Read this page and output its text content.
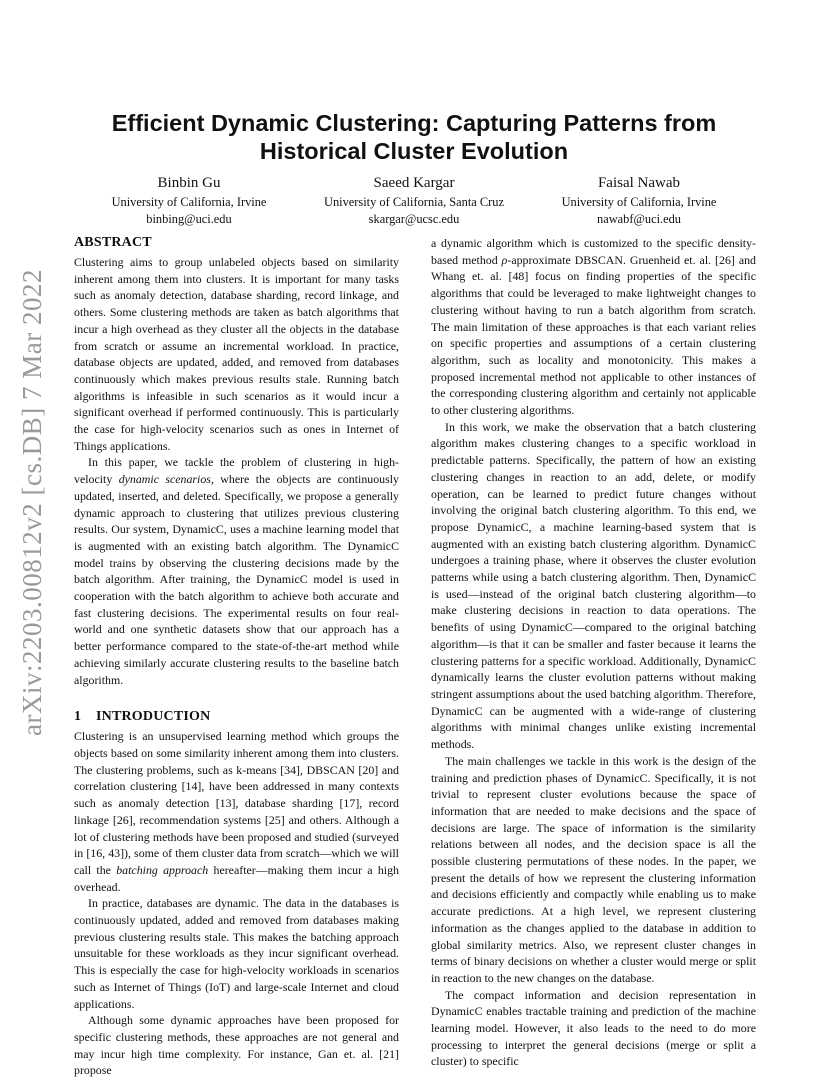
arXiv:2203.00812v2 [cs.DB] 7 Mar 2022
Efficient Dynamic Clustering: Capturing Patterns from Historical Cluster Evolution
Binbin Gu
University of California, Irvine
binbing@uci.edu
Saeed Kargar
University of California, Santa Cruz
skargar@ucsc.edu
Faisal Nawab
University of California, Irvine
nawabf@uci.edu
ABSTRACT

Clustering aims to group unlabeled objects based on similarity inherent among them into clusters. It is important for many tasks such as anomaly detection, database sharding, record linkage, and others. Some clustering methods are taken as batch algorithms that incur a high overhead as they cluster all the objects in the database from scratch or assume an incremental workload. In practice, database objects are updated, added, and removed from databases continuously which makes previous results stale. Running batch algorithms is infeasible in such scenarios as it would incur a significant overhead if performed continuously. This is particularly the case for high-velocity scenarios such as ones in Internet of Things applications.

In this paper, we tackle the problem of clustering in high-velocity dynamic scenarios, where the objects are continuously updated, inserted, and deleted. Specifically, we propose a generally dynamic approach to clustering that utilizes previous clustering results. Our system, DynamicC, uses a machine learning model that is augmented with an existing batch algorithm. The DynamicC model trains by observing the clustering decisions made by the batch algorithm. After training, the DynamicC model is used in cooperation with the batch algorithm to achieve both accurate and fast clustering decisions. The experimental results on four real-world and one synthetic datasets show that our approach has a better performance compared to the state-of-the-art method while achieving similarly accurate clustering results to the baseline batch algorithm.

1 INTRODUCTION

Clustering is an unsupervised learning method which groups the objects based on some similarity inherent among them into clusters. The clustering problems, such as k-means [34], DBSCAN [20] and correlation clustering [14], have been addressed in many contexts such as anomaly detection [13], database sharding [17], record linkage [26], recommendation systems [25] and others. Although a lot of clustering methods have been proposed and studied (surveyed in [16, 43]), some of them cluster data from scratch—which we will call the batching approach hereafter—making them incur a high overhead.

In practice, databases are dynamic. The data in the databases is continuously updated, added and removed from databases making previous clustering results stale. This makes the batching approach unsuitable for these workloads as they incur significant overhead. This is especially the case for high-velocity workloads in scenarios such as Internet of Things (IoT) and large-scale Internet and cloud applications.

Although some dynamic approaches have been proposed for specific clustering methods, these approaches are not general and may incur high time complexity. For instance, Gan et. al. [21] propose

a dynamic algorithm which is customized to the specific density-based method ρ-approximate DBSCAN. Gruenheid et. al. [26] and Whang et. al. [48] focus on finding properties of the specific algorithms that could be leveraged to make lightweight changes to clustering without having to run a batch algorithm from scratch. The main limitation of these approaches is that each variant relies on specific properties and assumptions of a certain clustering algorithm, such as locality and monotonicity. This makes a proposed incremental method not applicable to other instances of the corresponding clustering algorithm and certainly not applicable to other clustering algorithms.

In this work, we make the observation that a batch clustering algorithm makes clustering changes to a specific workload in predictable patterns. Specifically, the pattern of how an existing clustering changes in reaction to an add, delete, or modify operation, can be learned to predict future changes without involving the original batch clustering algorithm. To this end, we propose DynamicC, a machine learning-based system that is augmented with an existing batch clustering algorithm. DynamicC undergoes a training phase, where it observes the cluster evolution patterns while using a batch clustering algorithm. Then, DynamicC is used—instead of the original batch clustering algorithm—to make clustering decisions in reaction to data operations. The benefits of using DynamicC—compared to the original batching algorithm—is that it can be smaller and faster because it learns the clustering patterns for a specific workload. Additionally, DynamicC dynamically learns the cluster evolution patterns without making stringent assumptions about the used batching algorithm. Therefore, DynamicC can be augmented with a wide-range of clustering algorithms with minimal changes unlike existing incremental methods.

The main challenges we tackle in this work is the design of the training and prediction phases of DynamicC. Specifically, it is not trivial to represent cluster evolutions because the space of information that are needed to make decisions and the space of decisions are large. The space of information is the similarity relations between all nodes, and the decision space is all the possible clustering permutations of these nodes. In the paper, we present the details of how we represent the clustering information and decisions efficiently and compactly while enabling us to make accurate predictions. At a high level, we represent clustering information as the changes applied to the database in addition to global similarity metrics. Also, we represent cluster changes in terms of binary decisions on whether a cluster would merge or split in reaction to the new changes on the database.

The compact information and decision representation in DynamicC enables tractable training and prediction of the machine learning model. However, it also leads to the need to do more processing to interpret the general decisions (merge or split a cluster) to specific
